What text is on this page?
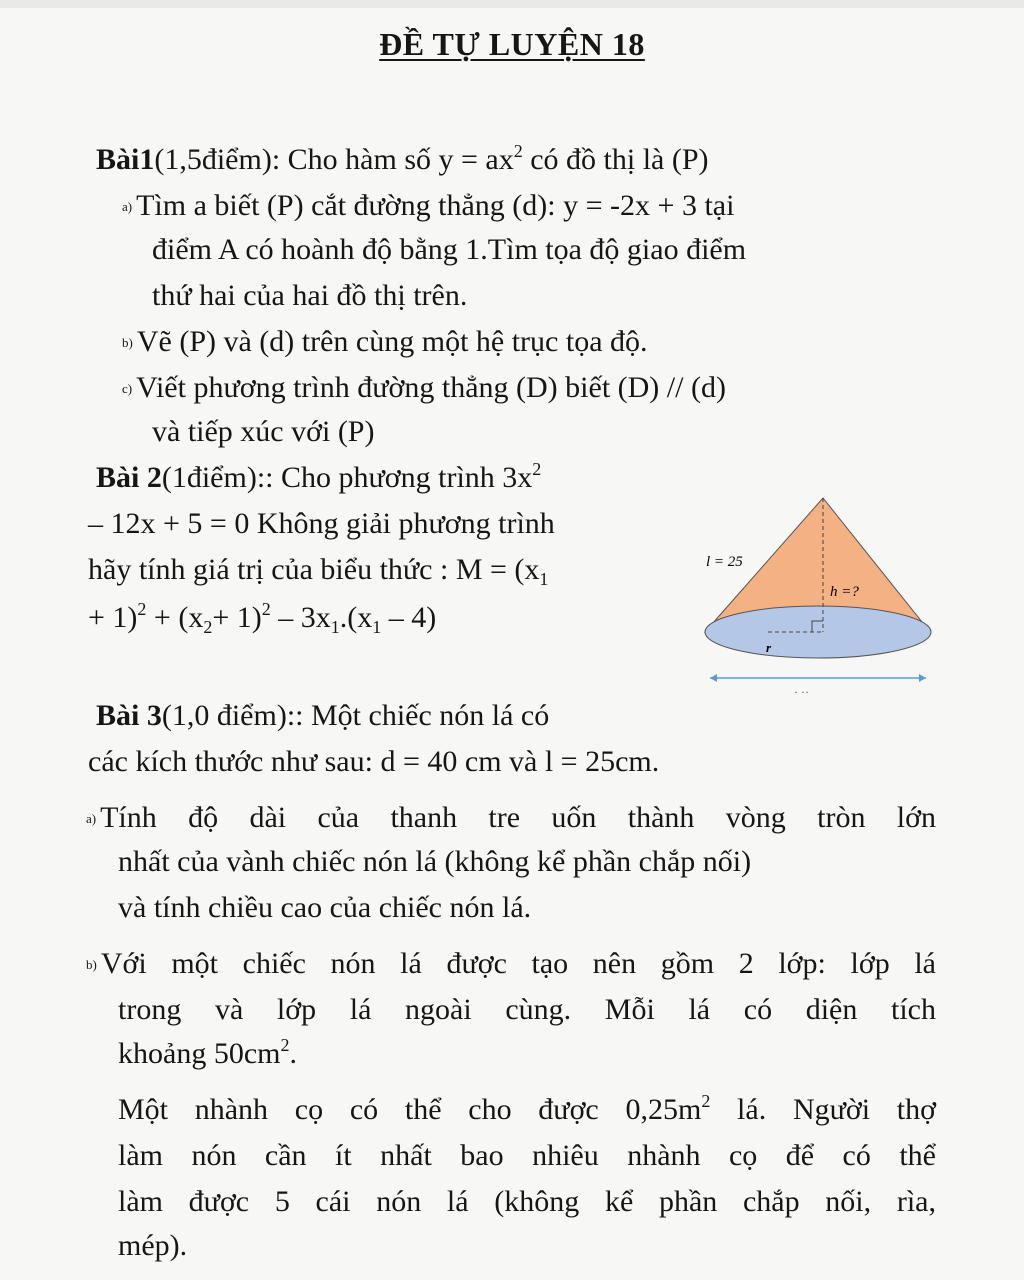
ĐỀ TỰ LUYỆN 18
Bài1(1,5điểm): Cho hàm số $y = ax^2$ có đồ thị là (P)
a) Tìm a biết (P) cắt đường thẳng (d): y = -2x + 3 tại
điểm A có hoành độ bằng 1.Tìm tọa độ giao điểm
thứ hai của hai đồ thị trên.
b) Vẽ (P) và (d) trên cùng một hệ trục tọa độ.
c) Viết phương trình đường thẳng (D) biết (D) // (d)
và tiếp xúc với (P)
Bài 2(1điểm):: Cho phương trình $3x^2$
– 12x + 5 = 0 Không giải phương trình
hãy tính giá trị của biểu thức : $M = (x_1$
+ $1)^2 + (x_2+ 1)^2 - 3x_1.(x_1 - 4)$
l = 25
h =?
r
· ··
Bài 3(1,0 điểm):: Một chiếc nón lá có
các kích thước như sau: d = 40 cm và l = 25cm.
a) Tính độ dài của thanh tre uốn thành vòng tròn lớn
nhất của vành chiếc nón lá (không kể phần chắp nối)
và tính chiều cao của chiếc nón lá.
b) Với một chiếc nón lá được tạo nên gồm 2 lớp: lớp lá
trong và lớp lá ngoài cùng. Mỗi lá có diện tích
khoảng $50cm^2$.
Một nhành cọ có thể cho được $0,25m^2$ lá. Người thợ
làm nón cần ít nhất bao nhiêu nhành cọ để có thể
làm được 5 cái nón lá (không kể phần chắp nối, rìa,
mép).
